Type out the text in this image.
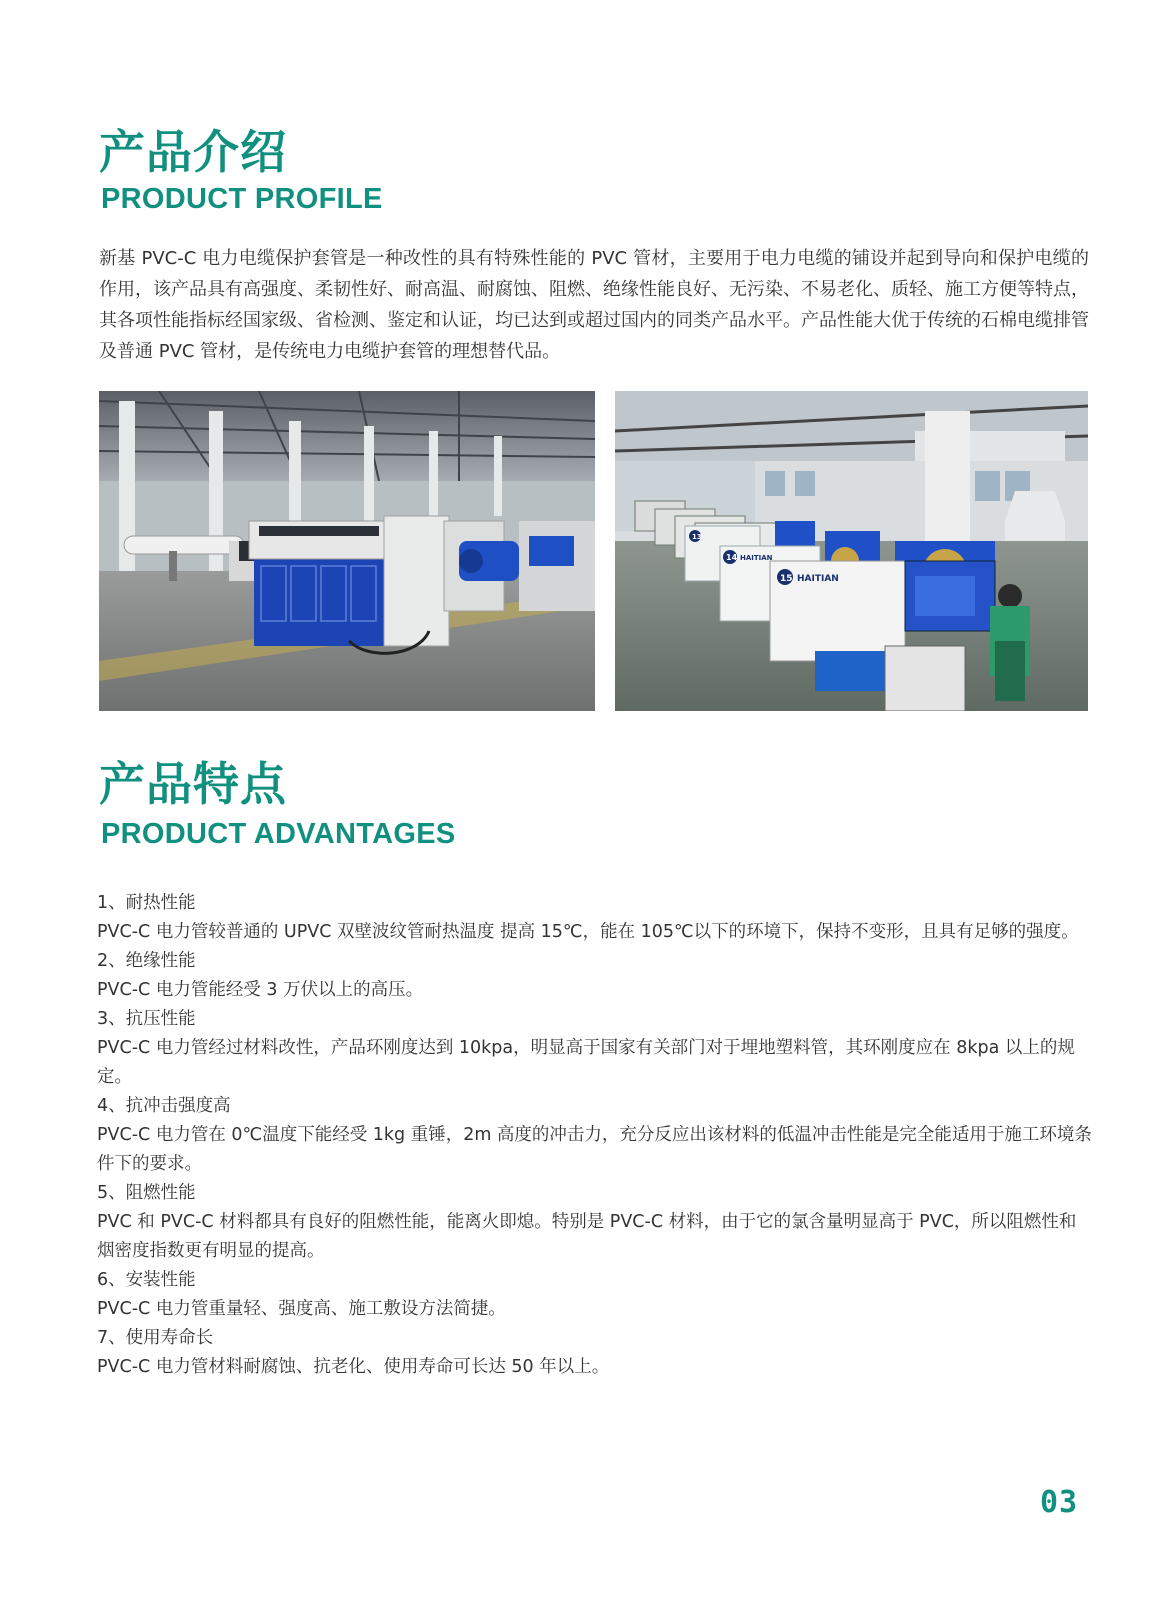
产品介绍
PRODUCT PROFILE

新基 PVC-C 电力电缆保护套管是一种改性的具有特殊性能的 PVC 管材，主要用于电力电缆的铺设并起到导向和保护电缆的作用，该产品具有高强度、柔韧性好、耐高温、耐腐蚀、阻燃、绝缘性能良好、无污染、不易老化、质轻、施工方便等特点，其各项性能指标经国家级、省检测、鉴定和认证，均已达到或超过国内的同类产品水平。产品性能大优于传统的石棉电缆排管及普通 PVC 管材，是传统电力电缆护套管的理想替代品。

13
14 HAITIAN
15 HAITIAN
产品特点
PRODUCT ADVANTAGES
1、耐热性能
PVC-C 电力管较普通的 UPVC 双壁波纹管耐热温度 提高 15℃，能在 105℃以下的环境下，保持不变形，且具有足够的强度。
2、绝缘性能
PVC-C 电力管能经受 3 万伏以上的高压。
3、抗压性能
PVC-C 电力管经过材料改性，产品环刚度达到 10kpa，明显高于国家有关部门对于埋地塑料管，其环刚度应在 8kpa 以上的规定。
4、抗冲击强度高
PVC-C 电力管在 0℃温度下能经受 1kg 重锤，2m 高度的冲击力，充分反应出该材料的低温冲击性能是完全能适用于施工环境条件下的要求。
5、阻燃性能
PVC 和 PVC-C 材料都具有良好的阻燃性能，能离火即熄。特别是 PVC-C 材料，由于它的氯含量明显高于 PVC，所以阻燃性和烟密度指数更有明显的提高。
6、安装性能
PVC-C 电力管重量轻、强度高、施工敷设方法简捷。
7、使用寿命长
PVC-C 电力管材料耐腐蚀、抗老化、使用寿命可长达 50 年以上。
03
